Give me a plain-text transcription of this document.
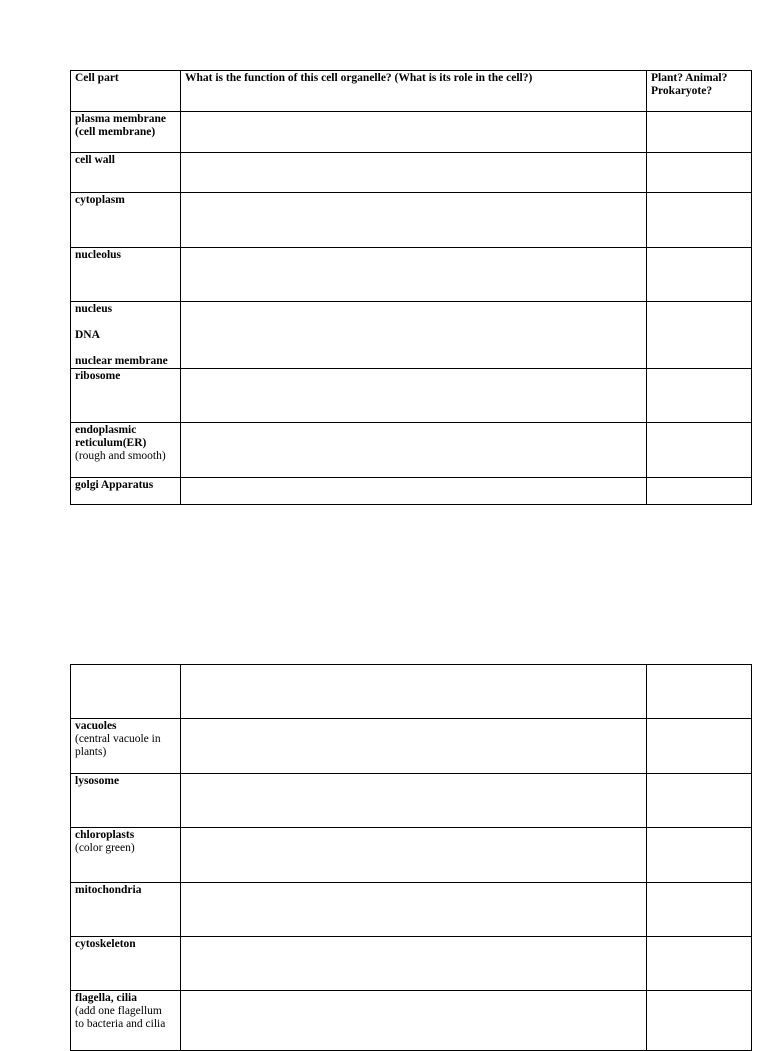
Cell part	What is the function of this cell organelle? (What is its role in the cell?)	Plant? Animal?
Prokaryote?

plasma membrane
(cell membrane)		

cell wall		

cytoplasm		

nucleolus		

nucleus
DNA
nuclear membrane		

ribosome		

endoplasmic
reticulum(ER)
(rough and smooth)		

golgi Apparatus		

vacuoles
(central vacuole in
plants)		

lysosome		

chloroplasts
(color green)		

mitochondria		

cytoskeleton		

flagella, cilia
(add one flagellum
to bacteria and cilia		
